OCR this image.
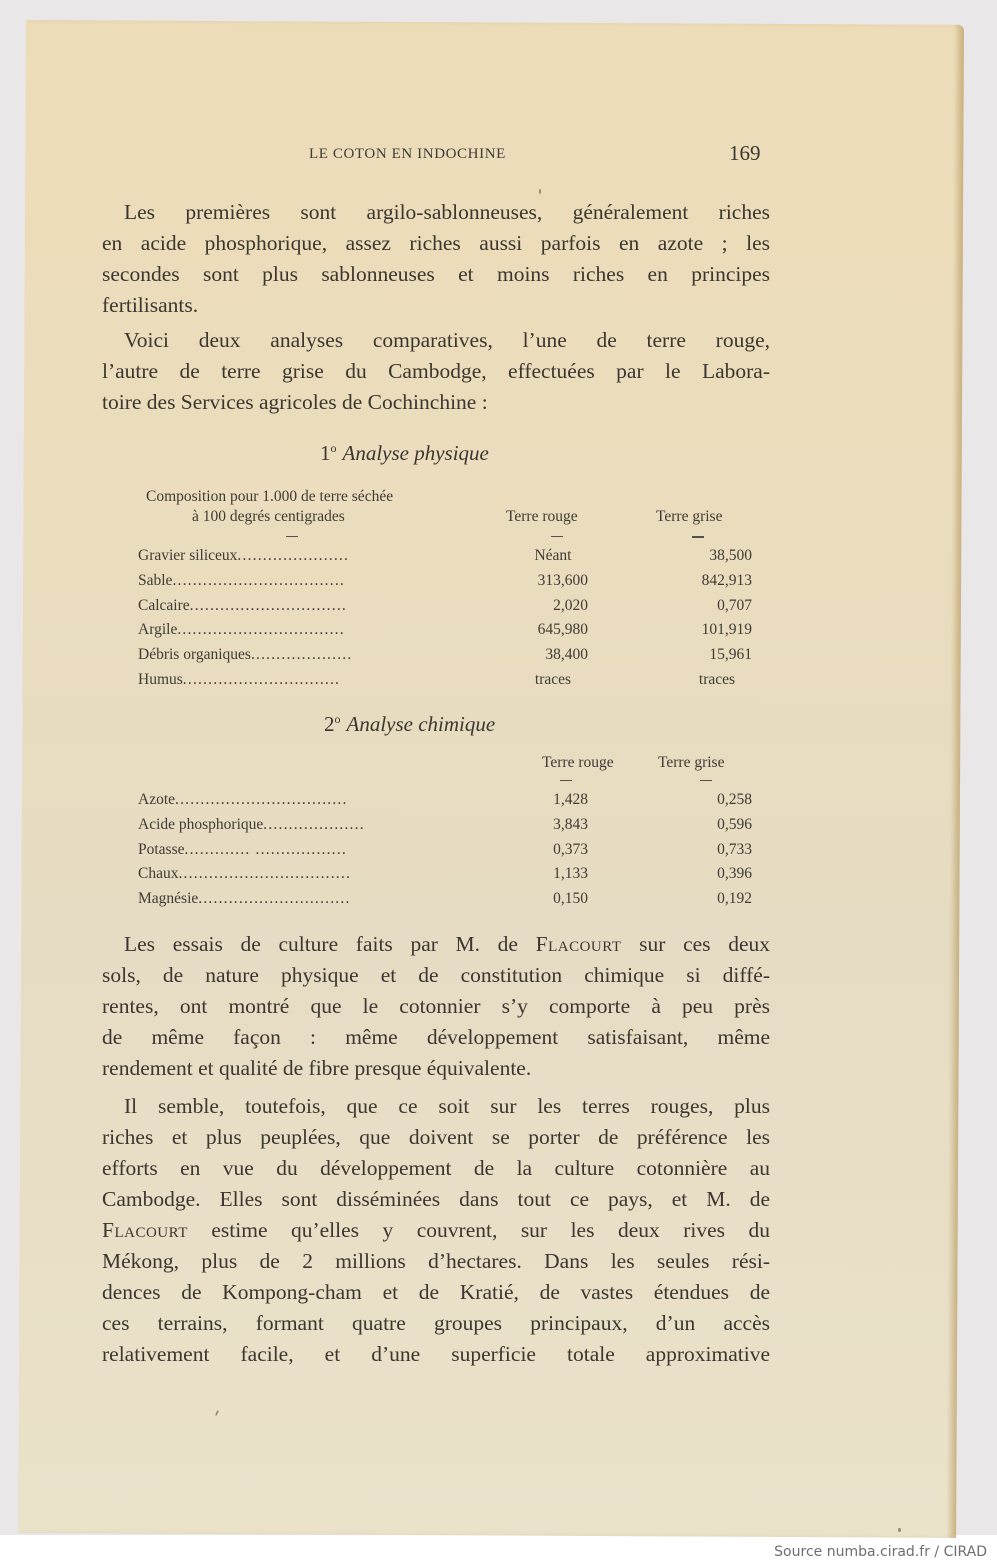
LE COTON EN INDOCHINE	169
Les premières sont argilo-sablonneuses, généralement riches
en acide phosphorique, assez riches aussi parfois en azote ; les
secondes sont plus sablonneuses et moins riches en principes
fertilisants.
Voici deux analyses comparatives, l’une de terre rouge,
l’autre de terre grise du Cambodge, effectuées par le Labora-
toire des Services agricoles de Cochinchine :
1$^o$ Analyse physique
Composition pour 1.000 de terre séchée
à 100 degrés centigrades	Terre rouge	Terre grise
Gravier siliceux......................	Néant	38,500
Sable..................................	313,600	842,913
Calcaire...............................	2,020	0,707
Argile.................................	645,980	101,919
Débris organiques....................	38,400	15,961
Humus...............................	traces	traces
2$^o$ Analyse chimique
Terre rouge	Terre grise
Azote..................................	1,428	0,258
Acide phosphorique....................	3,843	0,596
Potasse............. ..................	0,373	0,733
Chaux..................................	1,133	0,396
Magnésie..............................	0,150	0,192
Les essais de culture faits par M. de Flacourt sur ces deux
sols, de nature physique et de constitution chimique si diffé-
rentes, ont montré que le cotonnier s’y comporte à peu près
de même façon : même développement satisfaisant, même
rendement et qualité de fibre presque équivalente.
Il semble, toutefois, que ce soit sur les terres rouges, plus
riches et plus peuplées, que doivent se porter de préférence les
efforts en vue du développement de la culture cotonnière au
Cambodge. Elles sont disséminées dans tout ce pays, et M. de
Flacourt estime qu’elles y couvrent, sur les deux rives du
Mékong, plus de 2 millions d’hectares. Dans les seules rési-
dences de Kompong-cham et de Kratié, de vastes étendues de
ces terrains, formant quatre groupes principaux, d’un accès
relativement facile, et d’une superficie totale approximative
Source numba.cirad.fr / CIRAD
